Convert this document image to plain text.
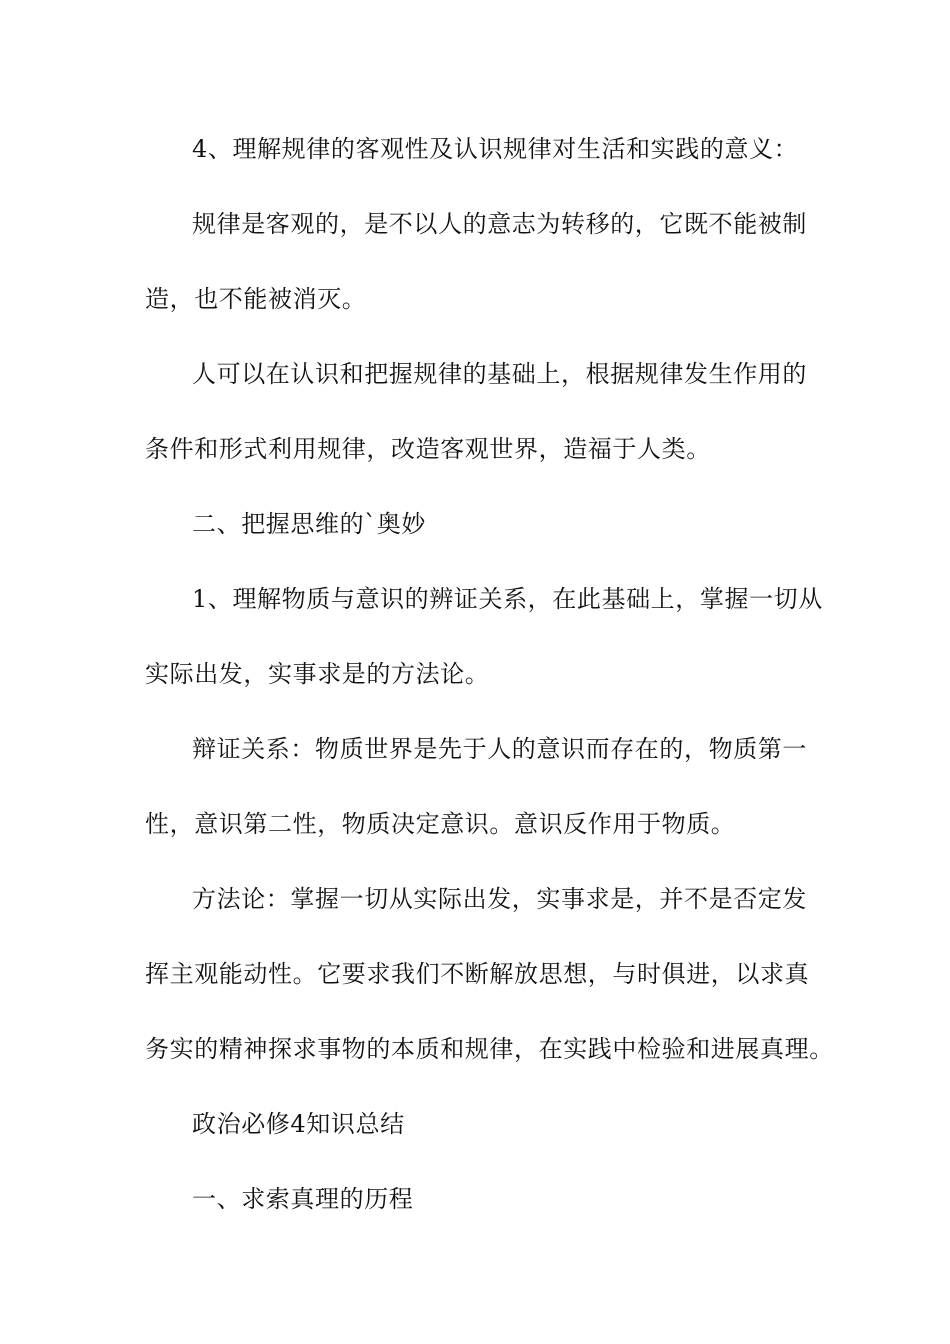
4、理解规律的客观性及认识规律对生活和实践的意义：
规律是客观的，是不以人的意志为转移的，它既不能被制
造，也不能被消灭。
人可以在认识和把握规律的基础上，根据规律发生作用的
条件和形式利用规律，改造客观世界，造福于人类。
二、把握思维的`奥妙
1、理解物质与意识的辨证关系，在此基础上，掌握一切从
实际出发，实事求是的方法论。
辩证关系：物质世界是先于人的意识而存在的，物质第一
性，意识第二性，物质决定意识。意识反作用于物质。
方法论：掌握一切从实际出发，实事求是，并不是否定发
挥主观能动性。它要求我们不断解放思想，与时俱进，以求真
务实的精神探求事物的本质和规律，在实践中检验和进展真理。
政治必修4知识总结
一、求索真理的历程
